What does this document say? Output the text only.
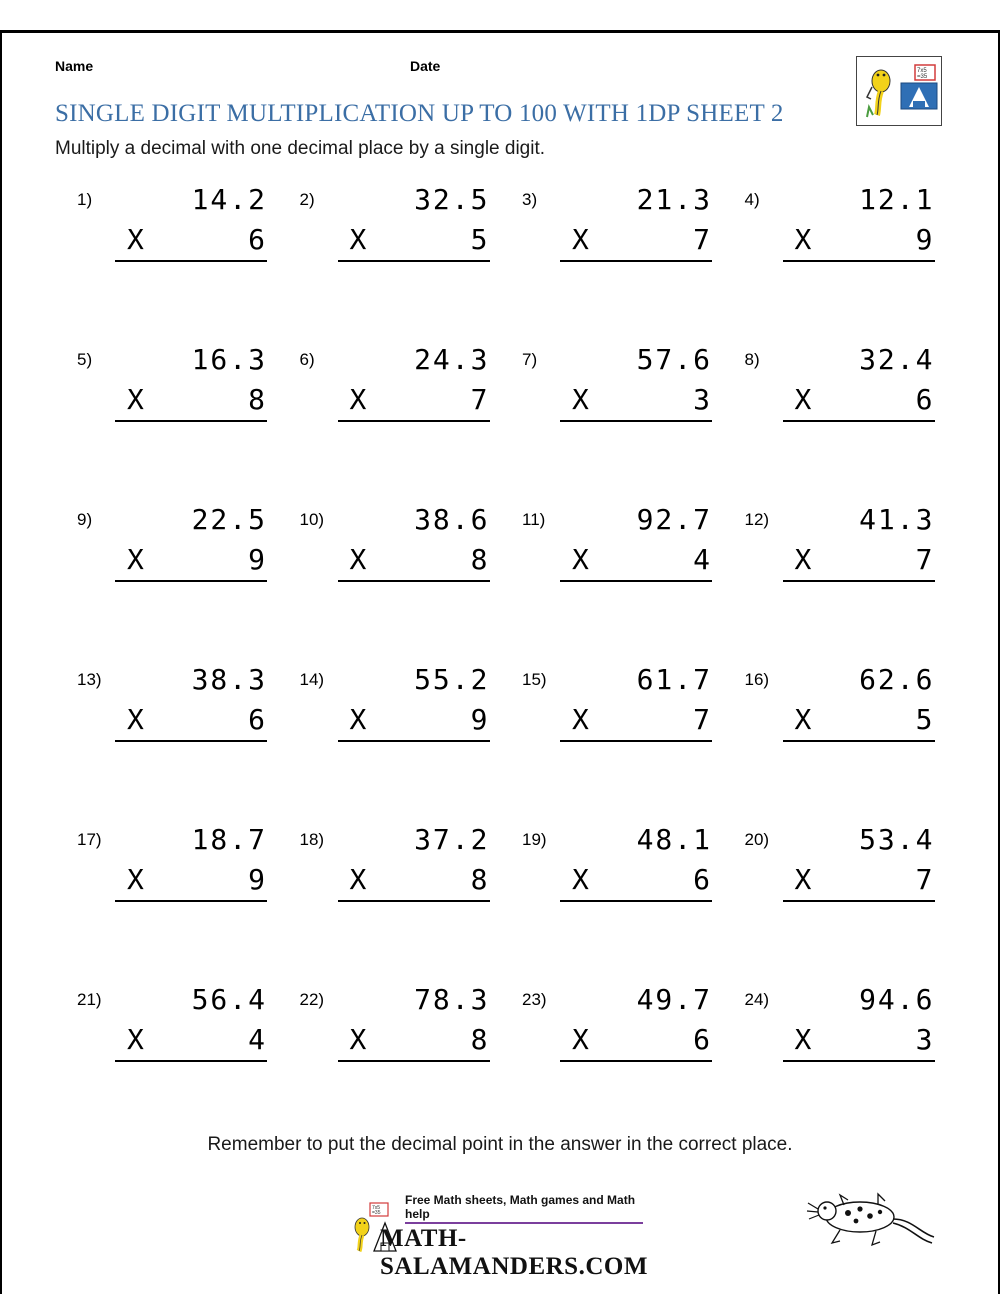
Name	Date	7x5
=35
SINGLE DIGIT MULTIPLICATION UP TO 100 WITH 1DP SHEET 2
Multiply a decimal with one decimal place by a single digit.
1)	14.2
X	6
2)	32.5
X	5
3)	21.3
X	7
4)	12.1
X	9
5)	16.3
X	8
6)	24.3
X	7
7)	57.6
X	3
8)	32.4
X	6
9)	22.5
X	9
10)	38.6
X	8
11)	92.7
X	4
12)	41.3
X	7
13)	38.3
X	6
14)	55.2
X	9
15)	61.7
X	7
16)	62.6
X	5
17)	18.7
X	9
18)	37.2
X	8
19)	48.1
X	6
20)	53.4
X	7
21)	56.4
X	4
22)	78.3
X	8
23)	49.7
X	6
24)	94.6
X	3
Remember to put the decimal point in the answer in the correct place.
7x5
=35
Free Math sheets, Math games and Math help
MATH-SALAMANDERS.COM
